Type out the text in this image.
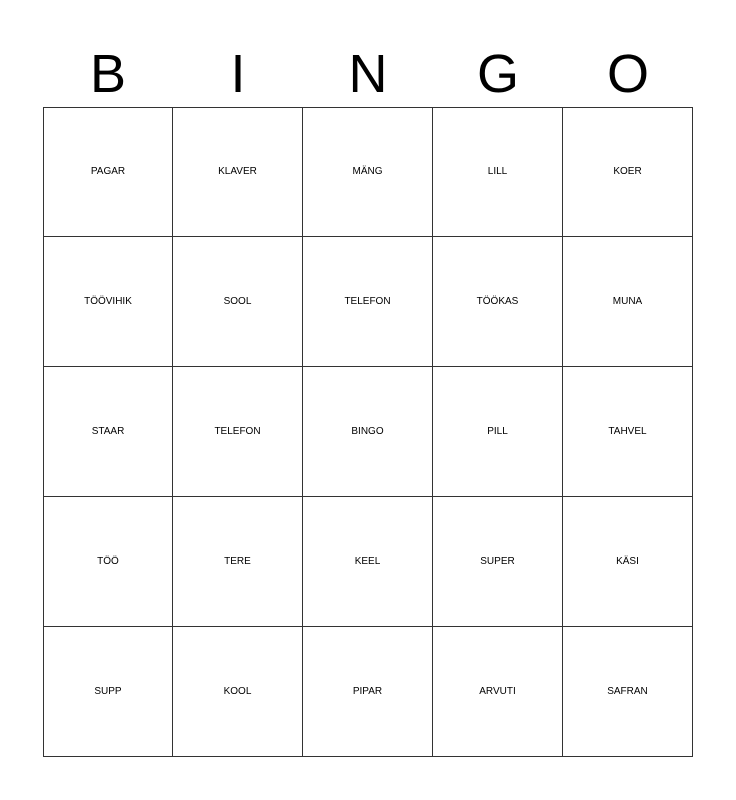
B	I	N	G	O
PAGAR	KLAVER	MÄNG	LILL	KOER
TÖÖVIHIK	SOOL	TELEFON	TÖÖKAS	MUNA
STAAR	TELEFON	BINGO	PILL	TAHVEL
TÖÖ	TERE	KEEL	SUPER	KÄSI
SUPP	KOOL	PIPAR	ARVUTI	SAFRAN
